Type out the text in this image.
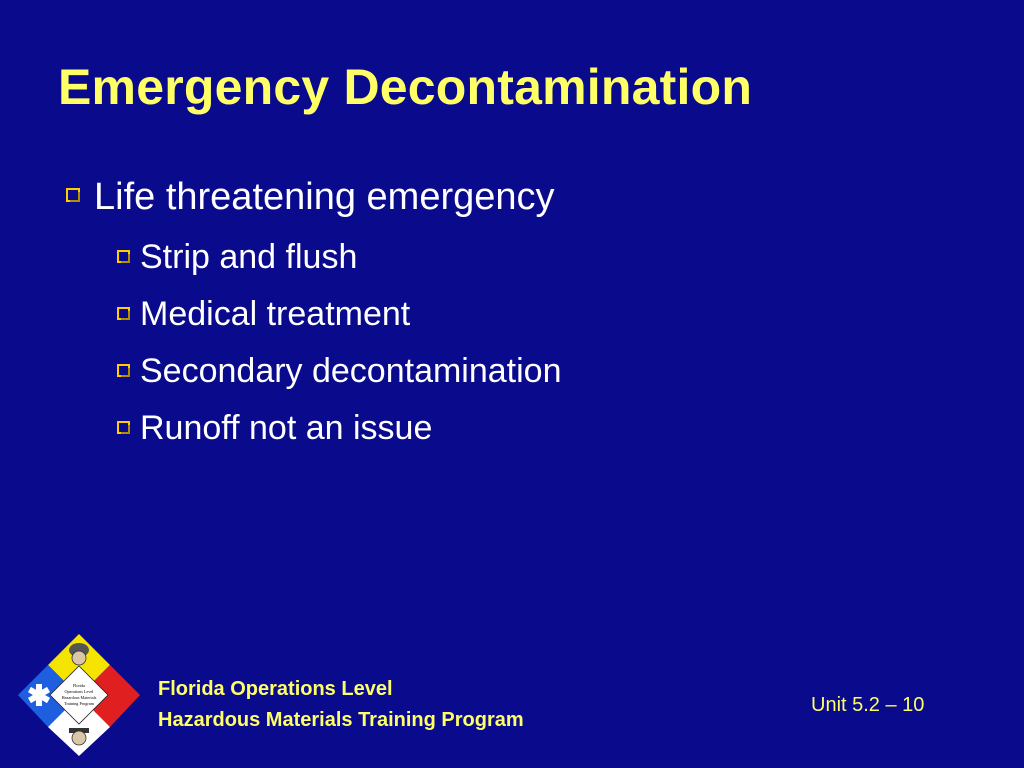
Emergency Decontamination
Life threatening emergency
Strip and flush
Medical treatment
Secondary decontamination
Runoff not an issue
Florida
Operations Level
Hazardous Materials
Training Program
Florida Operations Level
Hazardous Materials Training Program
Unit 5.2 – 10
